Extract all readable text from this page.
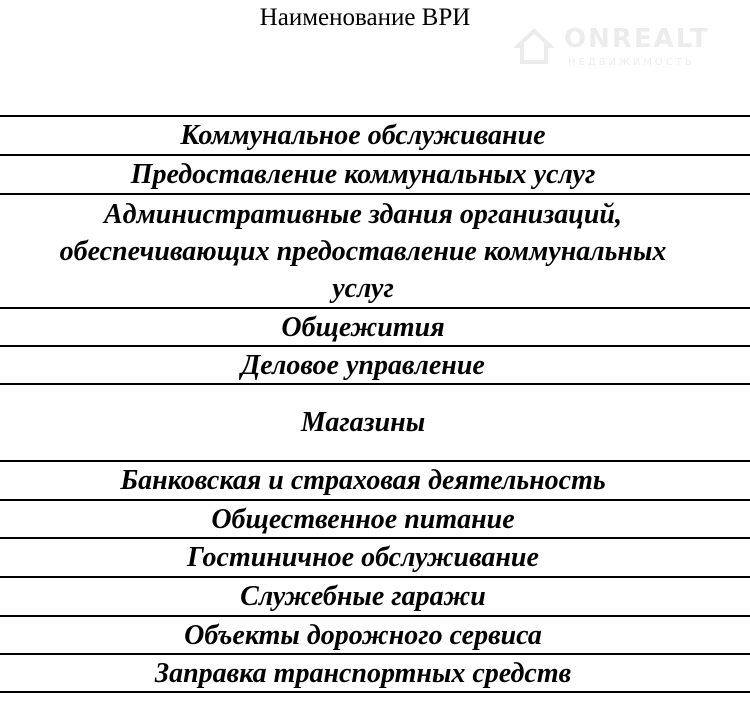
Наименование ВРИ
ONREALT
НЕДВИЖИМОСТЬ
Коммунальное обслуживание
Предоставление коммунальных услуг
Административные здания организаций,
обеспечивающих предоставление коммунальных
услуг
Общежития
Деловое управление
Магазины
Банковская и страховая деятельность
Общественное питание
Гостиничное обслуживание
Служебные гаражи
Объекты дорожного сервиса
Заправка транспортных средств
